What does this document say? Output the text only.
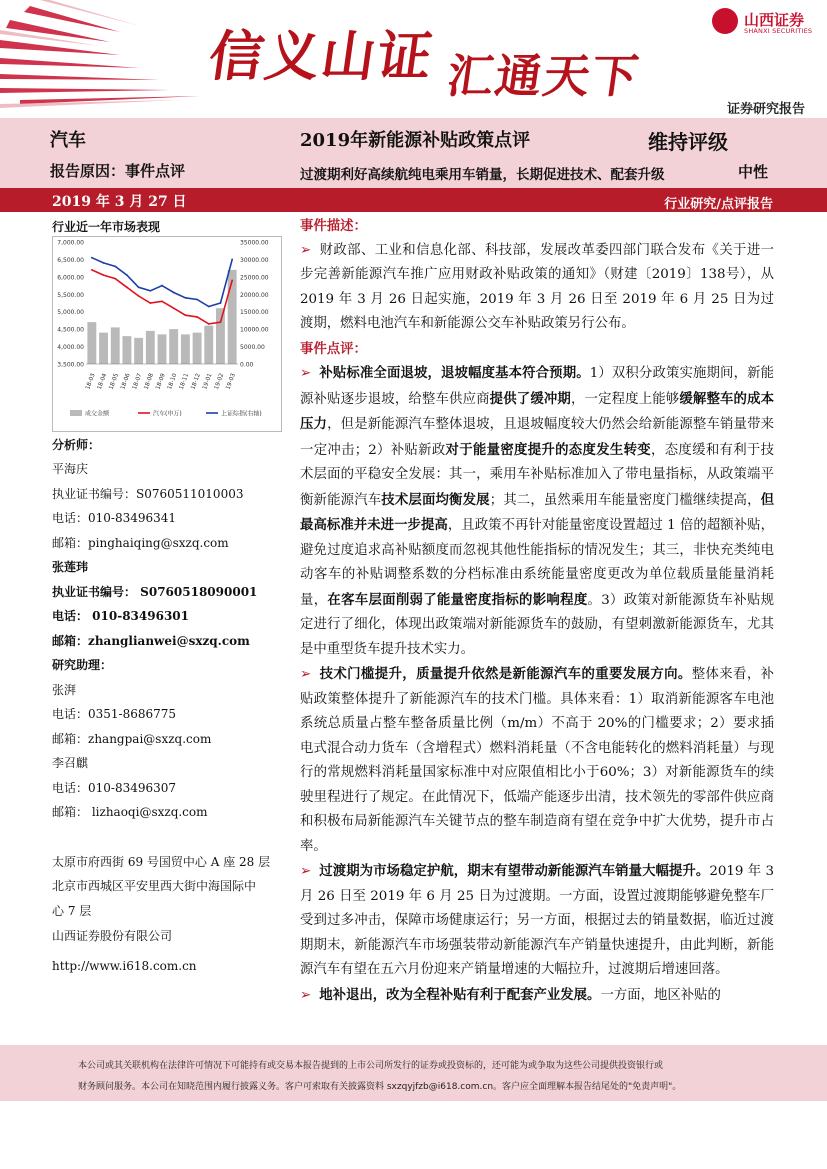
信义山证 汇通天下
山西证券
SHANXI SECURITIES
证券研究报告
汽车	2019年新能源补贴政策点评	维持评级
报告原因：事件点评	过渡期利好高续航纯电乘用车销量，长期促进技术、配套升级	中性
2019 年 3 月 27 日	行业研究/点评报告
行业近一年市场表现
7,000.00
6,500.00
6,000.00
5,500.00
5,000.00
4,500.00
4,000.00
3,500.00
35000.00
30000.00
25000.00
20000.00
15000.00
10000.00
5000.00
0.00
18-03 18-04 18-05 18-06 18-07 18-08 18-09 18-10 18-11 18-12 19-01 19-02 19-03
成交金额	汽车(申万)	上证综指(右轴)
分析师：
平海庆
执业证书编号：S0760511010003
电话：010-83496341
邮箱：pinghaiqing@sxzq.com
张莲玮
执业证书编号： S0760518090001
电话： 010-83496301
邮箱：zhanglianwei@sxzq.com
研究助理：
张湃
电话：0351-8686775
邮箱：zhangpai@sxzq.com
李召麒
电话：010-83496307
邮箱： lizhaoqi@sxzq.com
太原市府西街 69 号国贸中心 A 座 28 层
北京市西城区平安里西大街中海国际中
心 7 层
山西证券股份有限公司
http://www.i618.com.cn
事件描述：
➢ 财政部、工业和信息化部、科技部，发展改革委四部门联合发布《关于进一步完善新能源汽车推广应用财政补贴政策的通知》（财建〔2019〕138号），从 2019 年 3 月 26 日起实施，2019 年 3 月 26 日至 2019 年 6 月 25 日为过渡期，燃料电池汽车和新能源公交车补贴政策另行公布。
事件点评：
➢ 补贴标准全面退坡，退坡幅度基本符合预期。1）双积分政策实施期间，新能源补贴逐步退坡，给整车供应商提供了缓冲期，一定程度上能够缓解整车的成本压力，但是新能源汽车整体退坡，且退坡幅度较大仍然会给新能源整车销量带来一定冲击；2）补贴新政对于能量密度提升的态度发生转变，态度缓和有利于技术层面的平稳安全发展：其一，乘用车补贴标准加入了带电量指标，从政策端平衡新能源汽车技术层面均衡发展；其二，虽然乘用车能量密度门槛继续提高，但最高标准并未进一步提高，且政策不再针对能量密度设置超过 1 倍的超额补贴，避免过度追求高补贴额度而忽视其他性能指标的情况发生；其三，非快充类纯电动客车的补贴调整系数的分档标准由系统能量密度更改为单位载质量能量消耗量，在客车层面削弱了能量密度指标的影响程度。3）政策对新能源货车补贴规定进行了细化，体现出政策端对新能源货车的鼓励，有望刺激新能源货车，尤其是中重型货车提升技术实力。
➢ 技术门槛提升，质量提升依然是新能源汽车的重要发展方向。整体来看，补贴政策整体提升了新能源汽车的技术门槛。具体来看：1）取消新能源客车电池系统总质量占整车整备质量比例（m/m）不高于 20%的门槛要求；2）要求插电式混合动力货车（含增程式）燃料消耗量（不含电能转化的燃料消耗量）与现行的常规燃料消耗量国家标准中对应限值相比小于60%；3）对新能源货车的续驶里程进行了规定。在此情况下，低端产能逐步出清，技术领先的零部件供应商和积极布局新能源汽车关键节点的整车制造商有望在竞争中扩大优势，提升市占率。
➢ 过渡期为市场稳定护航，期末有望带动新能源汽车销量大幅提升。2019 年 3 月 26 日至 2019 年 6 月 25 日为过渡期。一方面，设置过渡期能够避免整车厂受到过多冲击，保障市场健康运行；另一方面，根据过去的销量数据，临近过渡期期末，新能源汽车市场强装带动新能源汽车产销量快速提升，由此判断，新能源汽车有望在五六月份迎来产销量增速的大幅拉升，过渡期后增速回落。
➢ 地补退出，改为全程补贴有利于配套产业发展。一方面，地区补贴的
本公司或其关联机构在法律许可情况下可能持有或交易本报告提到的上市公司所发行的证券或投资标的，还可能为或争取为这些公司提供投资银行或
财务顾问服务。本公司在知晓范围内履行披露义务。客户可索取有关披露资料 sxzqyjfzb@i618.com.cn。客户应全面理解本报告结尾处的"免责声明"。
